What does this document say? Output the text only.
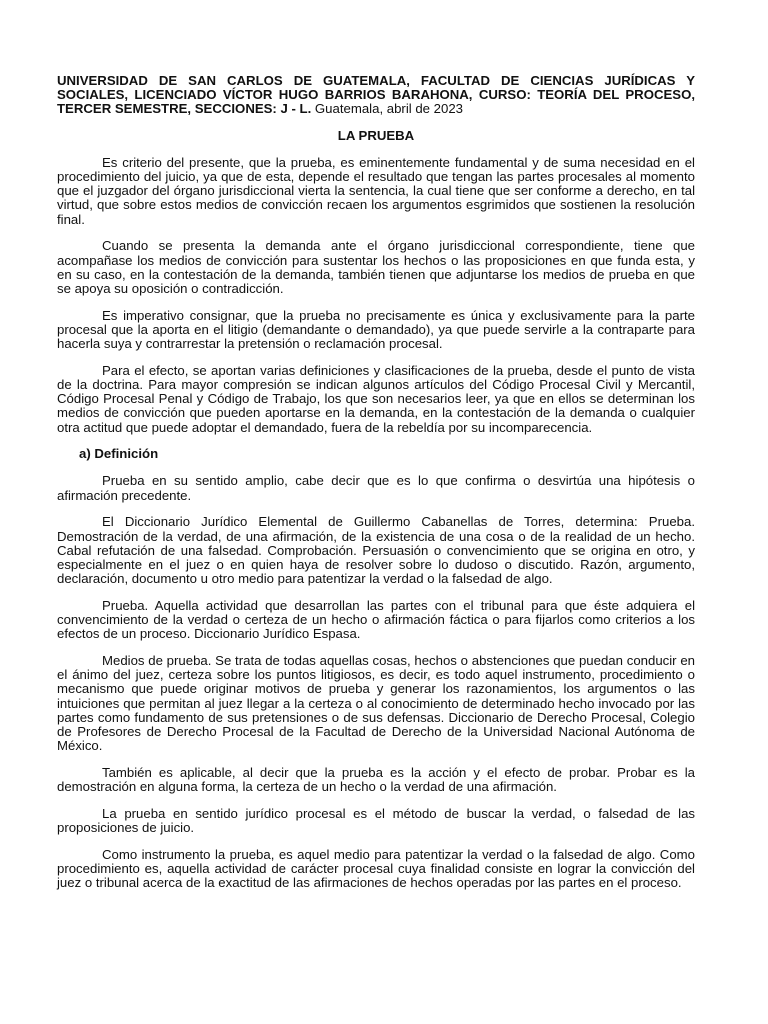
UNIVERSIDAD DE SAN CARLOS DE GUATEMALA, FACULTAD DE CIENCIAS JURÍDICAS Y SOCIALES, LICENCIADO VÍCTOR HUGO BARRIOS BARAHONA, CURSO: TEORÍA DEL PROCESO, TERCER SEMESTRE, SECCIONES: J - L. Guatemala, abril de 2023

LA PRUEBA

Es criterio del presente, que la prueba, es eminentemente fundamental y de suma necesidad en el procedimiento del juicio, ya que de esta, depende el resultado que tengan las partes procesales al momento que el juzgador del órgano jurisdiccional vierta la sentencia, la cual tiene que ser conforme a derecho, en tal virtud, que sobre estos medios de convicción recaen los argumentos esgrimidos que sostienen la resolución final.

Cuando se presenta la demanda ante el órgano jurisdiccional correspondiente, tiene que acompañase los medios de convicción para sustentar los hechos o las proposiciones en que funda esta, y en su caso, en la contestación de la demanda, también tienen que adjuntarse los medios de prueba en que se apoya su oposición o contradicción.

Es imperativo consignar, que la prueba no precisamente es única y exclusivamente para la parte procesal que la aporta en el litigio (demandante o demandado), ya que puede servirle a la contraparte para hacerla suya y contrarrestar la pretensión o reclamación procesal.

Para el efecto, se aportan varias definiciones y clasificaciones de la prueba, desde el punto de vista de la doctrina. Para mayor compresión se indican algunos artículos del Código Procesal Civil y Mercantil, Código Procesal Penal y Código de Trabajo, los que son necesarios leer, ya que en ellos se determinan los medios de convicción que pueden aportarse en la demanda, en la contestación de la demanda o cualquier otra actitud que puede adoptar el demandado, fuera de la rebeldía por su incomparecencia.

a) Definición

Prueba en su sentido amplio, cabe decir que es lo que confirma o desvirtúa una hipótesis o afirmación precedente.

El Diccionario Jurídico Elemental de Guillermo Cabanellas de Torres, determina: Prueba. Demostración de la verdad, de una afirmación, de la existencia de una cosa o de la realidad de un hecho. Cabal refutación de una falsedad. Comprobación. Persuasión o convencimiento que se origina en otro, y especialmente en el juez o en quien haya de resolver sobre lo dudoso o discutido. Razón, argumento, declaración, documento u otro medio para patentizar la verdad o la falsedad de algo.

Prueba. Aquella actividad que desarrollan las partes con el tribunal para que éste adquiera el convencimiento de la verdad o certeza de un hecho o afirmación fáctica o para fijarlos como criterios a los efectos de un proceso. Diccionario Jurídico Espasa.

Medios de prueba. Se trata de todas aquellas cosas, hechos o abstenciones que puedan conducir en el ánimo del juez, certeza sobre los puntos litigiosos, es decir, es todo aquel instrumento, procedimiento o mecanismo que puede originar motivos de prueba y generar los razonamientos, los argumentos o las intuiciones que permitan al juez llegar a la certeza o al conocimiento de determinado hecho invocado por las partes como fundamento de sus pretensiones o de sus defensas. Diccionario de Derecho Procesal, Colegio de Profesores de Derecho Procesal de la Facultad de Derecho de la Universidad Nacional Autónoma de México.

También es aplicable, al decir que la prueba es la acción y el efecto de probar. Probar es la demostración en alguna forma, la certeza de un hecho o la verdad de una afirmación.

La prueba en sentido jurídico procesal es el método de buscar la verdad, o falsedad de las proposiciones de juicio.

Como instrumento la prueba, es aquel medio para patentizar la verdad o la falsedad de algo. Como procedimiento es, aquella actividad de carácter procesal cuya finalidad consiste en lograr la convicción del juez o tribunal acerca de la exactitud de las afirmaciones de hechos operadas por las partes en el proceso.
